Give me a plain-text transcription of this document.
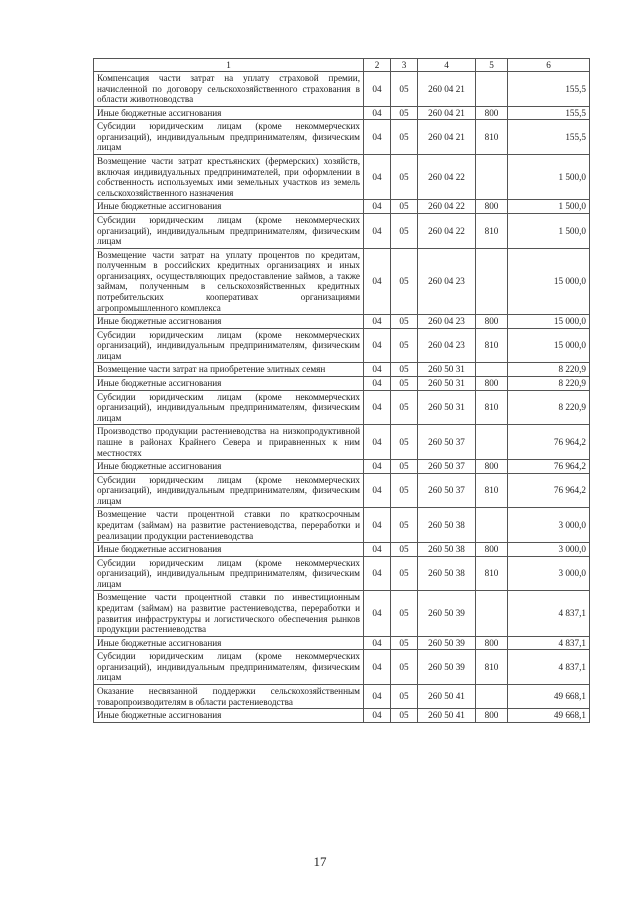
1	2	3	4	5	6
Компенсация части затрат на уплату страховой премии, начисленной по договору сельскохозяйственного страхования в области животноводства	04	05	260 04 21		155,5
Иные бюджетные ассигнования	04	05	260 04 21	800	155,5
Субсидии юридическим лицам (кроме некоммерческих организаций), индивидуальным предпринимателям, физическим лицам	04	05	260 04 21	810	155,5
Возмещение части затрат крестьянских (фермерских) хозяйств, включая индивидуальных предпринимателей, при оформлении в собственность используемых ими земельных участков из земель сельскохозяйственного назначения	04	05	260 04 22		1 500,0
Иные бюджетные ассигнования	04	05	260 04 22	800	1 500,0
Субсидии юридическим лицам (кроме некоммерческих организаций), индивидуальным предпринимателям, физическим лицам	04	05	260 04 22	810	1 500,0
Возмещение части затрат на уплату процентов по кредитам, полученным в российских кредитных организациях и иных организациях, осуществляющих предоставление займов, а также займам, полученным в сельскохозяйственных кредитных потребительских кооперативах организациями агропромышленного комплекса	04	05	260 04 23		15 000,0
Иные бюджетные ассигнования	04	05	260 04 23	800	15 000,0
Субсидии юридическим лицам (кроме некоммерческих организаций), индивидуальным предпринимателям, физическим лицам	04	05	260 04 23	810	15 000,0
Возмещение части затрат на приобретение элитных семян	04	05	260 50 31		8 220,9
Иные бюджетные ассигнования	04	05	260 50 31	800	8 220,9
Субсидии юридическим лицам (кроме некоммерческих организаций), индивидуальным предпринимателям, физическим лицам	04	05	260 50 31	810	8 220,9
Производство продукции растениеводства на низкопродуктивной пашне в районах Крайнего Севера и приравненных к ним местностях	04	05	260 50 37		76 964,2
Иные бюджетные ассигнования	04	05	260 50 37	800	76 964,2
Субсидии юридическим лицам (кроме некоммерческих организаций), индивидуальным предпринимателям, физическим лицам	04	05	260 50 37	810	76 964,2
Возмещение части процентной ставки по краткосрочным кредитам (займам) на развитие растениеводства, переработки и реализации продукции растениеводства	04	05	260 50 38		3 000,0
Иные бюджетные ассигнования	04	05	260 50 38	800	3 000,0
Субсидии юридическим лицам (кроме некоммерческих организаций), индивидуальным предпринимателям, физическим лицам	04	05	260 50 38	810	3 000,0
Возмещение части процентной ставки по инвестиционным кредитам (займам) на развитие растениеводства, переработки и развития инфраструктуры и логистического обеспечения рынков продукции растениеводства	04	05	260 50 39		4 837,1
Иные бюджетные ассигнования	04	05	260 50 39	800	4 837,1
Субсидии юридическим лицам (кроме некоммерческих организаций), индивидуальным предпринимателям, физическим лицам	04	05	260 50 39	810	4 837,1
Оказание несвязанной поддержки сельскохозяйственным товаропроизводителям в области растениеводства	04	05	260 50 41		49 668,1
Иные бюджетные ассигнования	04	05	260 50 41	800	49 668,1
17
